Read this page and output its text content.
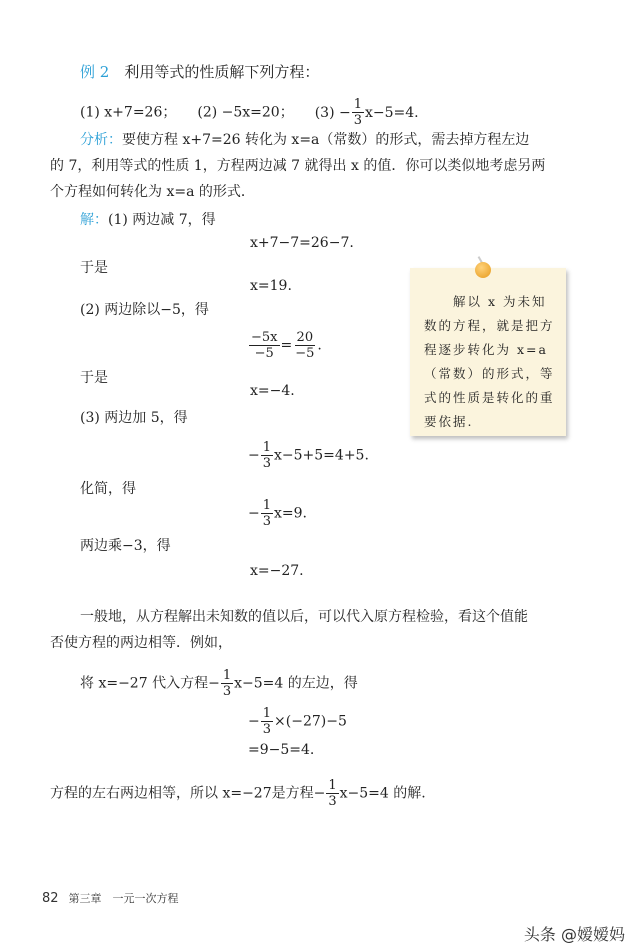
例 2　 利用等式的性质解下列方程：
(1) x+7=26；　　 (2) −5x=20；　　 $(3) - \frac{1}{3} x-5=4$.
分析：要使方程 x+7=26 转化为 x=a（常数）的形式，需去掉方程左边
的 7，利用等式的性质 1，方程两边减 7 就得出 x 的值．你可以类似地考虑另两
个方程如何转化为 x=a 的形式．
解：(1) 两边减 7，得
x+7−7=26−7.
于是
x=19.
(2) 两边除以−5，得
$\frac{-5x}{-5} = \frac{20}{-5}$ .
于是
x=−4.
(3) 两边加 5，得
− $\frac{1}{3} x-5+5=4+5$.
化简，得
− $\frac{1}{3} x=9$.
两边乘−3，得
x=−27.
一般地，从方程解出未知数的值以后，可以代入原方程检验，看这个值能
否使方程的两边相等．例如，
将 x=−27 代入方程− $\frac{1}{3} x-5=4$ 的左边，得
− $\frac{1}{3} \times(-27)-5$
=9−5=4.
方程的左右两边相等，所以 x=−27是方程− $\frac{1}{3} x-5=4$ 的解.
　　解以 x 为未知数的方程，就是把方程逐步转化为 x=a（常数）的形式，等式的性质是转化的重要依据.
82 第三章　一元一次方程
头条 @嫒嫒妈
